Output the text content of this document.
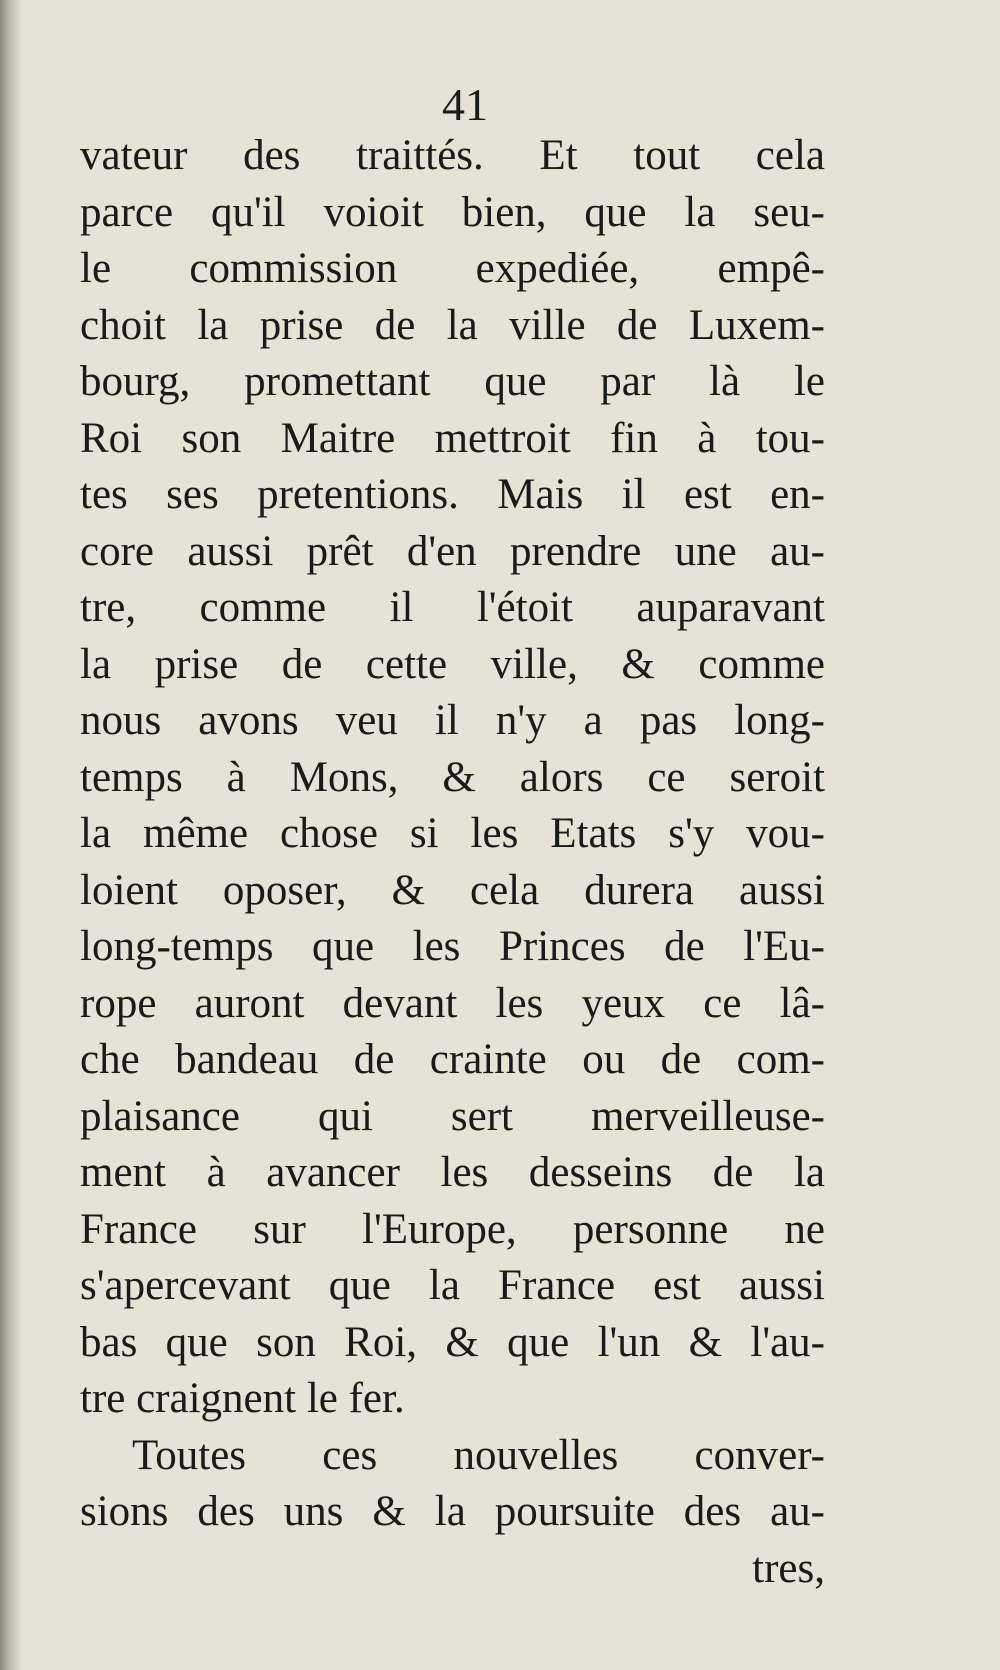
41
vateur des traittés. Et tout cela
parce qu'il voioit bien, que la seu-
le commission expediée, empê-
choit la prise de la ville de Luxem-
bourg, promettant que par là le
Roi son Maitre mettroit fin à tou-
tes ses pretentions. Mais il est en-
core aussi prêt d'en prendre une au-
tre, comme il l'étoit auparavant
la prise de cette ville, & comme
nous avons veu il n'y a pas long-
temps à Mons, & alors ce seroit
la même chose si les Etats s'y vou-
loient oposer, & cela durera aussi
long-temps que les Princes de l'Eu-
rope auront devant les yeux ce lâ-
che bandeau de crainte ou de com-
plaisance qui sert merveilleuse-
ment à avancer les desseins de la
France sur l'Europe, personne ne
s'apercevant que la France est aussi
bas que son Roi, & que l'un & l'au-
tre craignent le fer.
Toutes ces nouvelles conver-
sions des uns & la poursuite des au-
tres,
